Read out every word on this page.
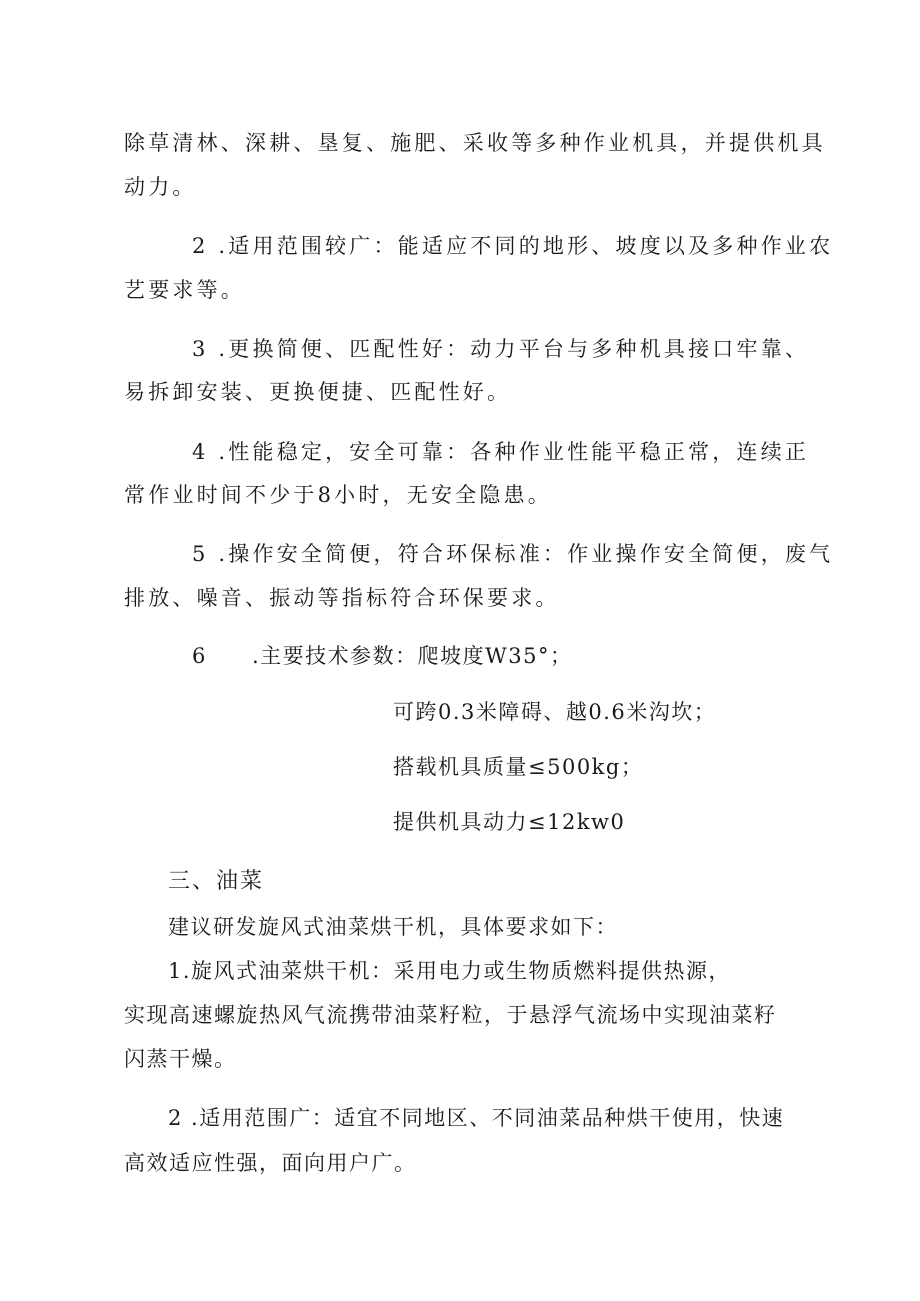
除草清林、深耕、垦复、施肥、采收等多种作业机具，并提供机具

动力。

2 .适用范围较广：能适应不同的地形、坡度以及多种作业农

艺要求等。

3 .更换简便、匹配性好：动力平台与多种机具接口牢靠、

易拆卸安装、更换便捷、匹配性好。

4 .性能稳定，安全可靠：各种作业性能平稳正常，连续正

常作业时间不少于8小时，无安全隐患。

5 .操作安全简便，符合环保标准：作业操作安全简便，废气

排放、噪音、振动等指标符合环保要求。

6 .主要技术参数：爬坡度W35°；

可跨0.3米障碍、越0.6米沟坎；

搭载机具质量≤500kg；

提供机具动力≤12kw0

三、油菜

建议研发旋风式油菜烘干机，具体要求如下：

1.旋风式油菜烘干机：采用电力或生物质燃料提供热源，

实现高速螺旋热风气流携带油菜籽粒，于悬浮气流场中实现油菜籽

闪蒸干燥。

2 .适用范围广：适宜不同地区、不同油菜品种烘干使用，快速

高效适应性强，面向用户广。
